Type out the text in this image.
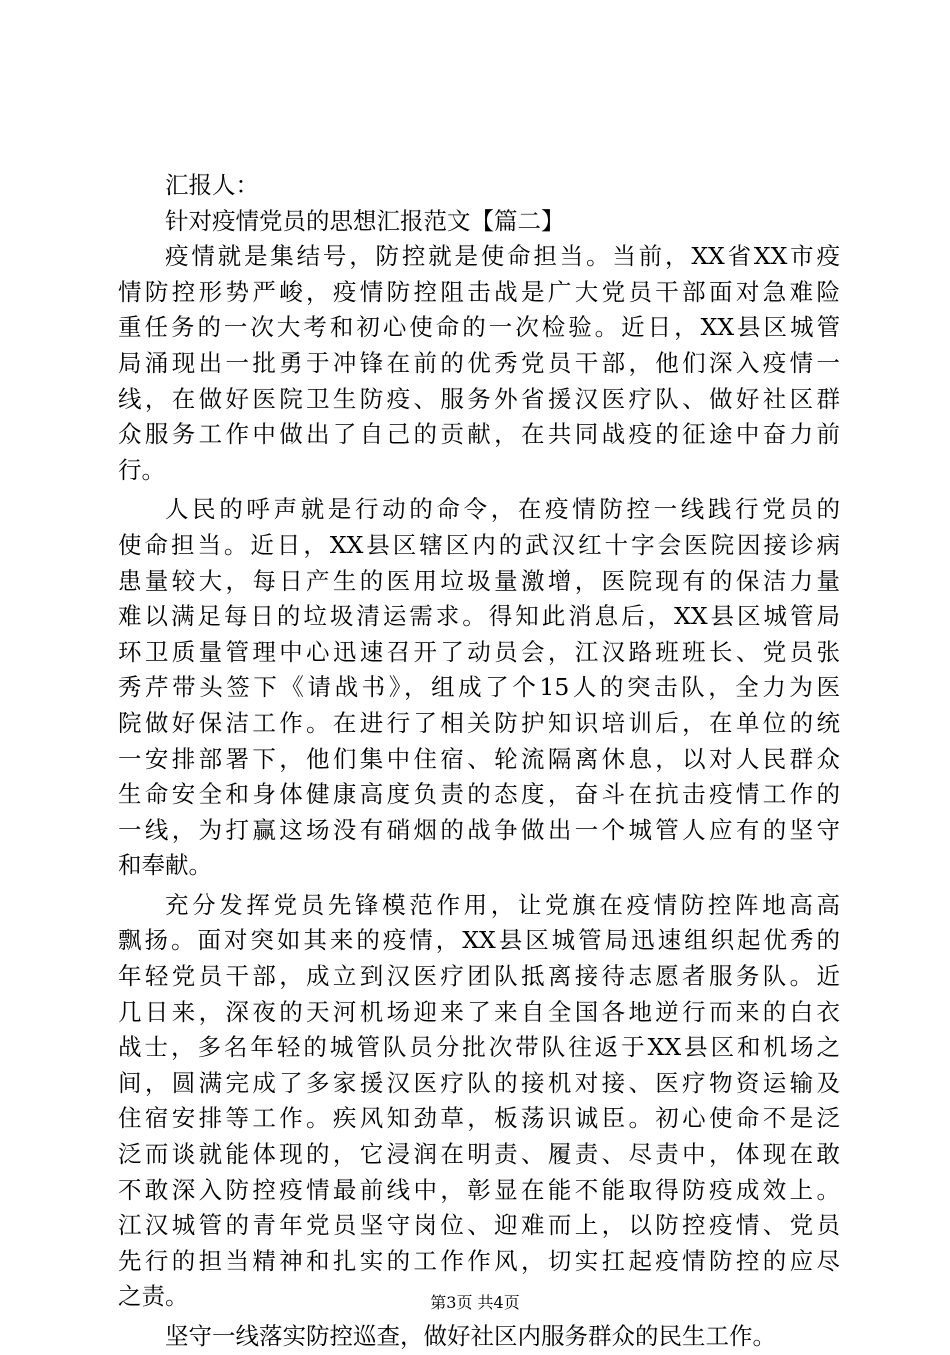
汇报人：
针对疫情党员的思想汇报范文【篇二】
疫情就是集结号，防控就是使命担当。当前，XX省XX市疫
情防控形势严峻，疫情防控阻击战是广大党员干部面对急难险
重任务的一次大考和初心使命的一次检验。近日，XX县区城管
局涌现出一批勇于冲锋在前的优秀党员干部，他们深入疫情一
线，在做好医院卫生防疫、服务外省援汉医疗队、做好社区群
众服务工作中做出了自己的贡献，在共同战疫的征途中奋力前
行。
人民的呼声就是行动的命令，在疫情防控一线践行党员的
使命担当。近日，XX县区辖区内的武汉红十字会医院因接诊病
患量较大，每日产生的医用垃圾量激增，医院现有的保洁力量
难以满足每日的垃圾清运需求。得知此消息后，XX县区城管局
环卫质量管理中心迅速召开了动员会，江汉路班班长、党员张
秀芹带头签下《请战书》，组成了个15人的突击队，全力为医
院做好保洁工作。在进行了相关防护知识培训后，在单位的统
一安排部署下，他们集中住宿、轮流隔离休息，以对人民群众
生命安全和身体健康高度负责的态度，奋斗在抗击疫情工作的
一线，为打赢这场没有硝烟的战争做出一个城管人应有的坚守
和奉献。
充分发挥党员先锋模范作用，让党旗在疫情防控阵地高高
飘扬。面对突如其来的疫情，XX县区城管局迅速组织起优秀的
年轻党员干部，成立到汉医疗团队抵离接待志愿者服务队。近
几日来，深夜的天河机场迎来了来自全国各地逆行而来的白衣
战士，多名年轻的城管队员分批次带队往返于XX县区和机场之
间，圆满完成了多家援汉医疗队的接机对接、医疗物资运输及
住宿安排等工作。疾风知劲草，板荡识诚臣。初心使命不是泛
泛而谈就能体现的，它浸润在明责、履责、尽责中，体现在敢
不敢深入防控疫情最前线中，彰显在能不能取得防疫成效上。
江汉城管的青年党员坚守岗位、迎难而上，以防控疫情、党员
先行的担当精神和扎实的工作作风，切实扛起疫情防控的应尽
之责。
坚守一线落实防控巡查，做好社区内服务群众的民生工作。
第3页 共4页
